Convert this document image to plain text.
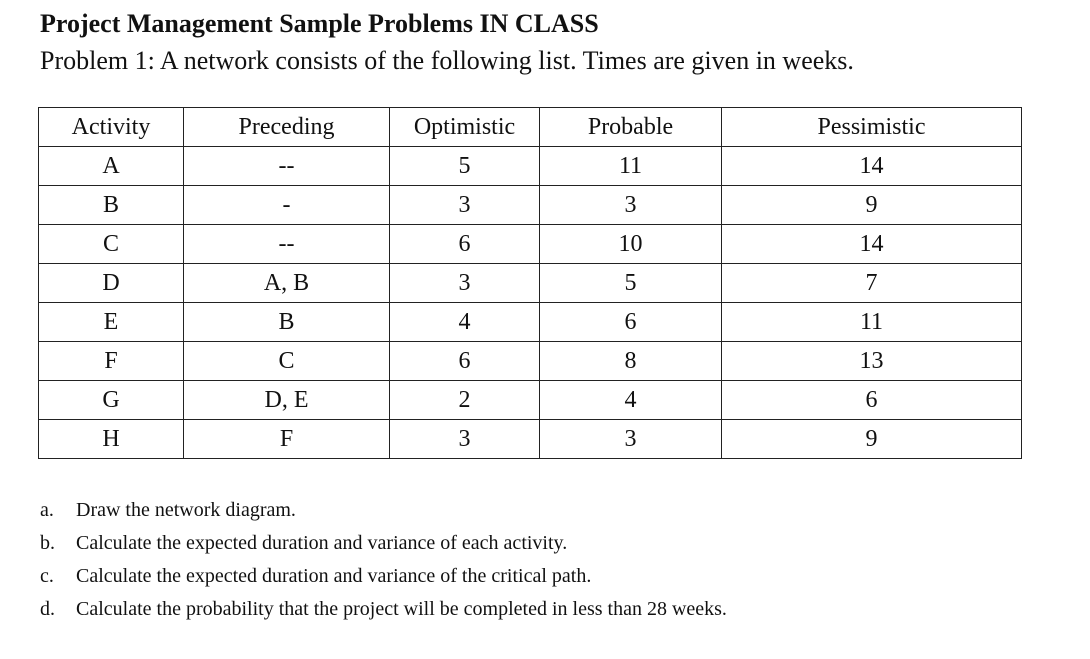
Project Management Sample Problems IN CLASS
Problem 1: A network consists of the following list. Times are given in weeks.
Activity	Preceding	Optimistic	Probable	Pessimistic
A	--	5	11	14
B	-	3	3	9
C	--	6	10	14
D	A, B	3	5	7
E	B	4	6	11
F	C	6	8	13
G	D, E	2	4	6
H	F	3	3	9
a. Draw the network diagram.
b. Calculate the expected duration and variance of each activity.
c. Calculate the expected duration and variance of the critical path.
d. Calculate the probability that the project will be completed in less than 28 weeks.
